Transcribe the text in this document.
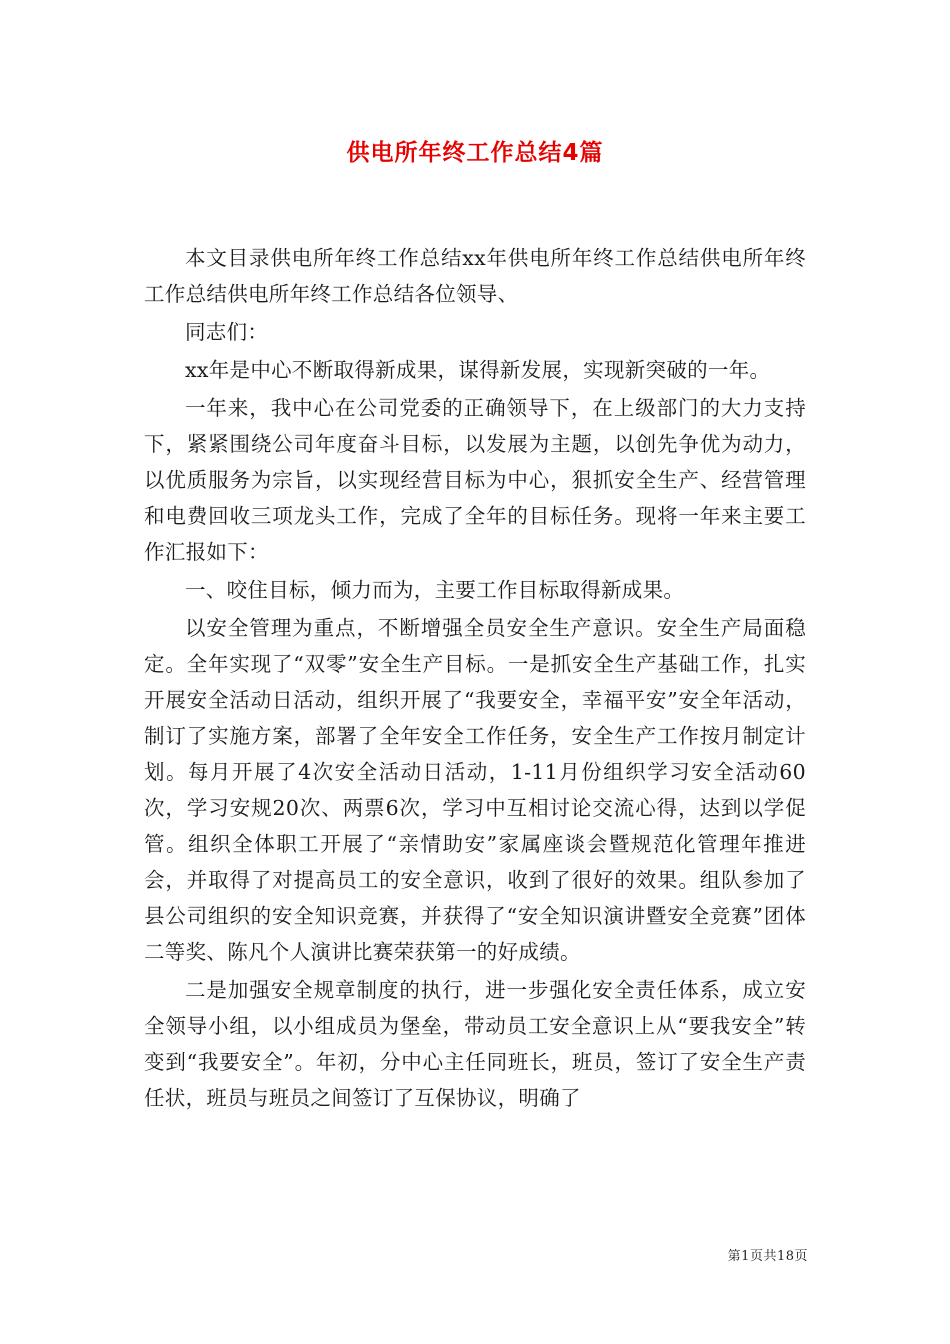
供电所年终工作总结4篇

本文目录供电所年终工作总结xx年供电所年终工作总结供电所年终工作总结供电所年终工作总结各位领导、

同志们：

xx年是中心不断取得新成果，谋得新发展，实现新突破的一年。

一年来，我中心在公司党委的正确领导下，在上级部门的大力支持下，紧紧围绕公司年度奋斗目标，以发展为主题，以创先争优为动力，以优质服务为宗旨，以实现经营目标为中心，狠抓安全生产、经营管理和电费回收三项龙头工作，完成了全年的目标任务。现将一年来主要工作汇报如下：

一、咬住目标，倾力而为，主要工作目标取得新成果。

以安全管理为重点，不断增强全员安全生产意识。安全生产局面稳定。全年实现了“双零”安全生产目标。一是抓安全生产基础工作，扎实开展安全活动日活动，组织开展了“我要安全，幸福平安”安全年活动，制订了实施方案，部署了全年安全工作任务，安全生产工作按月制定计划。每月开展了4次安全活动日活动，1-11月份组织学习安全活动60次，学习安规20次、两票6次，学习中互相讨论交流心得，达到以学促管。组织全体职工开展了“亲情助安”家属座谈会暨规范化管理年推进会，并取得了对提高员工的安全意识，收到了很好的效果。组队参加了县公司组织的安全知识竞赛，并获得了“安全知识演讲暨安全竞赛”团体二等奖、陈凡个人演讲比赛荣获第一的好成绩。

二是加强安全规章制度的执行，进一步强化安全责任体系，成立安全领导小组，以小组成员为堡垒，带动员工安全意识上从“要我安全”转变到“我要安全”。年初，分中心主任同班长，班员，签订了安全生产责任状，班员与班员之间签订了互保协议，明确了

第1页共18页
